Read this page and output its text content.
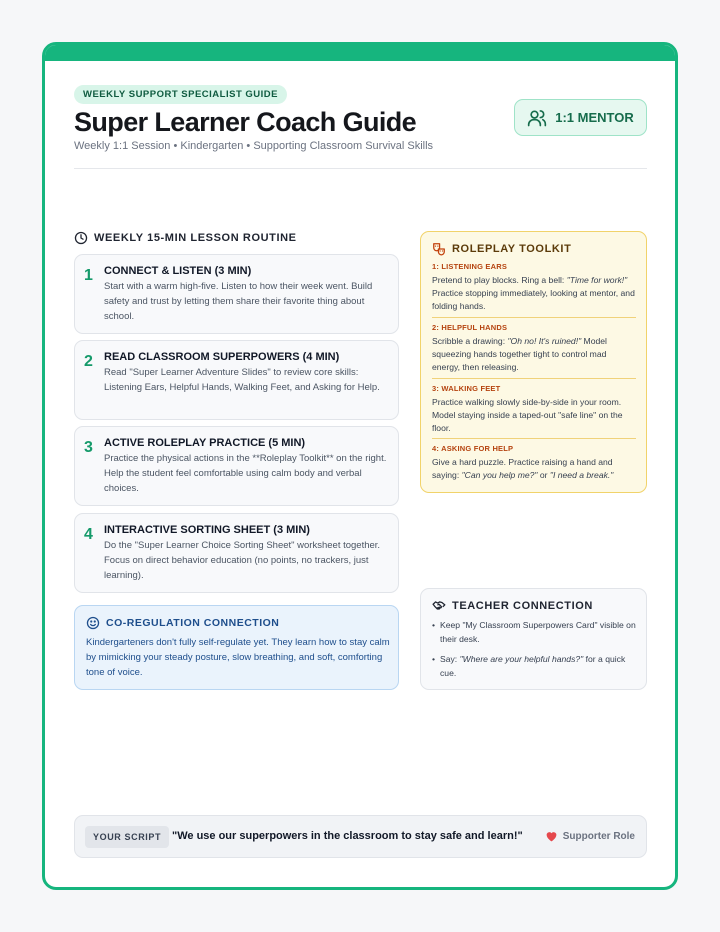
WEEKLY SUPPORT SPECIALIST GUIDE
Super Learner Coach Guide
Weekly 1:1 Session • Kindergarten • Supporting Classroom Survival Skills
1:1 MENTOR
WEEKLY 15-MIN LESSON ROUTINE
1 CONNECT & LISTEN (3 MIN)
Start with a warm high-five. Listen to how their week went. Build safety and trust by letting them share their favorite thing about school.
2 READ CLASSROOM SUPERPOWERS (4 MIN)
Read "Super Learner Adventure Slides" to review core skills: Listening Ears, Helpful Hands, Walking Feet, and Asking for Help.
3 ACTIVE ROLEPLAY PRACTICE (5 MIN)
Practice the physical actions in the **Roleplay Toolkit** on the right. Help the student feel comfortable using calm body and verbal choices.
4 INTERACTIVE SORTING SHEET (3 MIN)
Do the "Super Learner Choice Sorting Sheet" worksheet together. Focus on direct behavior education (no points, no trackers, just learning).
CO-REGULATION CONNECTION
Kindergarteners don't fully self-regulate yet. They learn how to stay calm by mimicking your steady posture, slow breathing, and soft, comforting tone of voice.
ROLEPLAY TOOLKIT
1: LISTENING EARS
Pretend to play blocks. Ring a bell: "Time for work!" Practice stopping immediately, looking at mentor, and folding hands.
2: HELPFUL HANDS
Scribble a drawing: "Oh no! It's ruined!" Model squeezing hands together tight to control mad energy, then releasing.
3: WALKING FEET
Practice walking slowly side-by-side in your room. Model staying inside a taped-out "safe line" on the floor.
4: ASKING FOR HELP
Give a hard puzzle. Practice raising a hand and saying: "Can you help me?" or "I need a break."
TEACHER CONNECTION
• Keep "My Classroom Superpowers Card" visible on their desk.
• Say: "Where are your helpful hands?" for a quick cue.
YOUR SCRIPT "We use our superpowers in the classroom to stay safe and learn!"	Supporter Role
